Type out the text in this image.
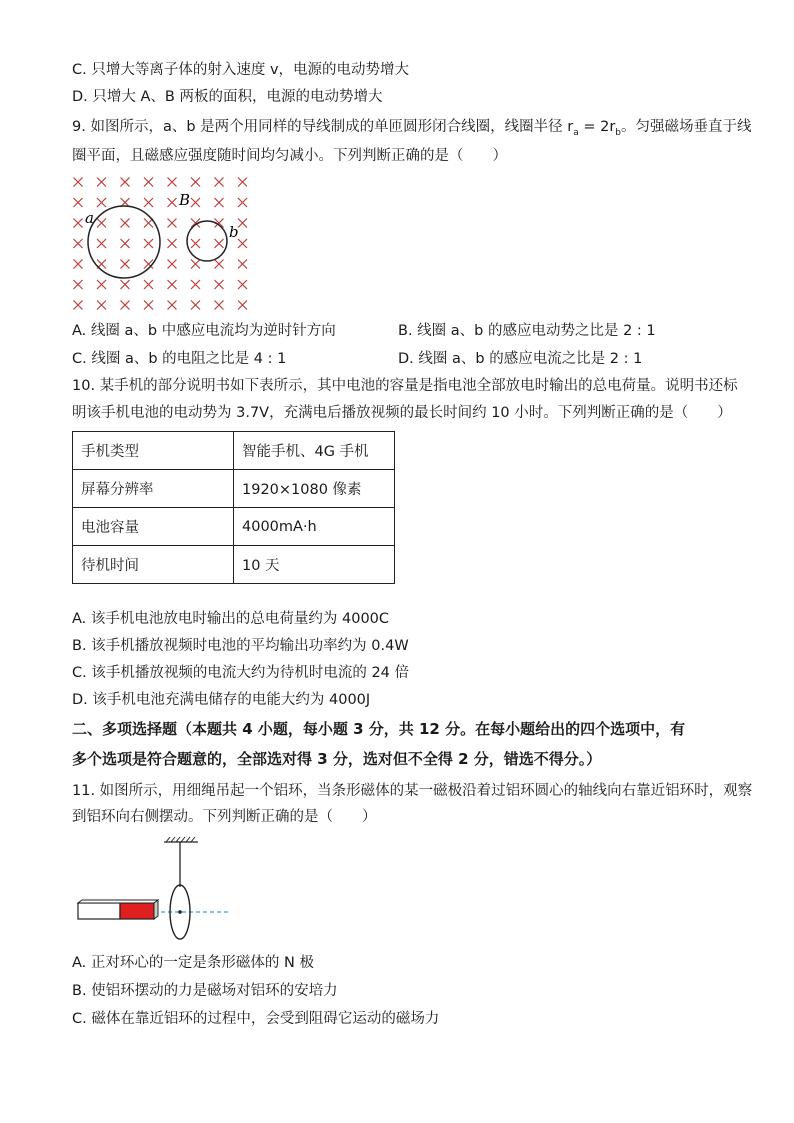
C. 只增大等离子体的射入速度 v，电源的电动势增大
D. 只增大 A、B 两板的面积，电源的电动势增大
9. 如图所示，a、b 是两个用同样的导线制成的单匝圆形闭合线圈，线圈半径 $r_a = 2r_b$。匀强磁场垂直于线
圈平面，且磁感应强度随时间均匀减小。下列判断正确的是（　　）
a
B
b
A. 线圈 a、b 中感应电流均为逆时针方向	B. 线圈 a、b 的感应电动势之比是 2 : 1
C. 线圈 a、b 的电阻之比是 4 : 1	D. 线圈 a、b 的感应电流之比是 2 : 1
10. 某手机的部分说明书如下表所示，其中电池的容量是指电池全部放电时输出的总电荷量。说明书还标
明该手机电池的电动势为 3.7V，充满电后播放视频的最长时间约 10 小时。下列判断正确的是（　　）
手机类型	智能手机、4G 手机
屏幕分辨率	1920×1080 像素
电池容量	4000mA·h
待机时间	10 天
A. 该手机电池放电时输出的总电荷量约为 4000C
B. 该手机播放视频时电池的平均输出功率约为 0.4W
C. 该手机播放视频的电流大约为待机时电流的 24 倍
D. 该手机电池充满电储存的电能大约为 4000J
二、多项选择题（本题共 4 小题，每小题 3 分，共 12 分。在每小题给出的四个选项中，有
多个选项是符合题意的，全部选对得 3 分，选对但不全得 2 分，错选不得分。）
11. 如图所示，用细绳吊起一个铝环，当条形磁体的某一磁极沿着过铝环圆心的轴线向右靠近铝环时，观察
到铝环向右侧摆动。下列判断正确的是（　　）
A. 正对环心的一定是条形磁体的 N 极
B. 使铝环摆动的力是磁场对铝环的安培力
C. 磁体在靠近铝环的过程中，会受到阻碍它运动的磁场力
